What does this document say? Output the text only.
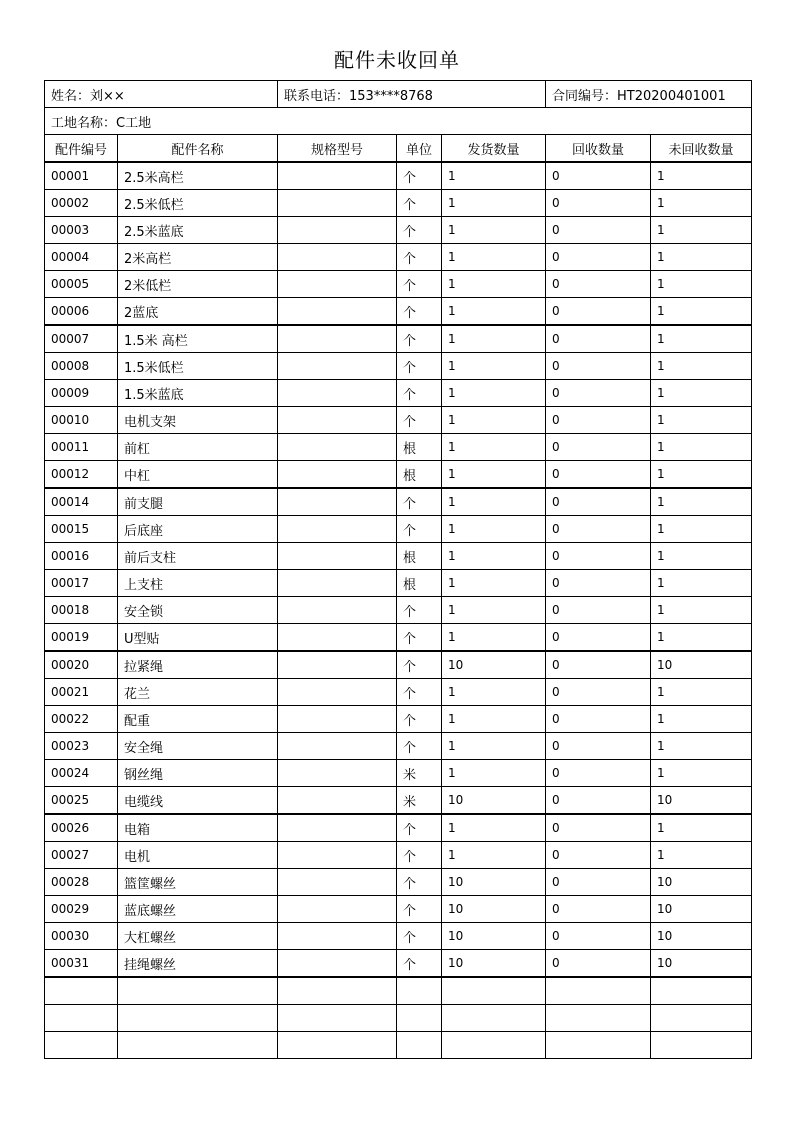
配件未收回单
姓名：刘××		联系电话：153****8768			合同编号：HT20200401001	
工地名称：C工地						
配件编号	配件名称	规格型号	单位	发货数量	回收数量	未回收数量
00001	2.5米高栏		个	1	0	1
00002	2.5米低栏		个	1	0	1
00003	2.5米蓝底		个	1	0	1
00004	2米高栏		个	1	0	1
00005	2米低栏		个	1	0	1
00006	2蓝底		个	1	0	1
00007	1.5米 高栏		个	1	0	1
00008	1.5米低栏		个	1	0	1
00009	1.5米蓝底		个	1	0	1
00010	电机支架		个	1	0	1
00011	前杠		根	1	0	1
00012	中杠		根	1	0	1
00014	前支腿		个	1	0	1
00015	后底座		个	1	0	1
00016	前后支柱		根	1	0	1
00017	上支柱		根	1	0	1
00018	安全锁		个	1	0	1
00019	U型贴		个	1	0	1
00020	拉紧绳		个	10	0	10
00021	花兰		个	1	0	1
00022	配重		个	1	0	1
00023	安全绳		个	1	0	1
00024	钢丝绳		米	1	0	1
00025	电缆线		米	10	0	10
00026	电箱		个	1	0	1
00027	电机		个	1	0	1
00028	篮筐螺丝		个	10	0	10
00029	蓝底螺丝		个	10	0	10
00030	大杠螺丝		个	10	0	10
00031	挂绳螺丝		个	10	0	10
